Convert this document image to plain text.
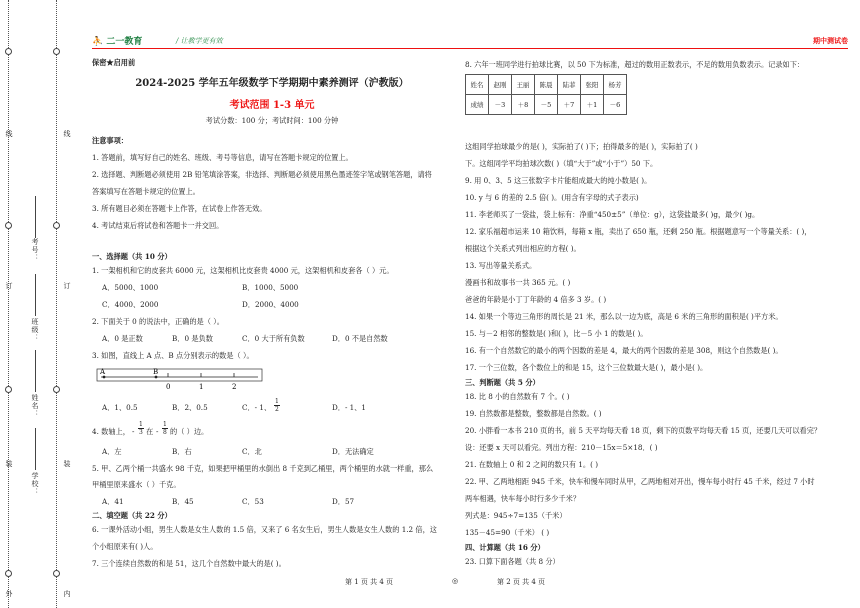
线
订
装
外
考号：
班级：
姓名：
学校：
线
订
装
内
⛹ 二一教育	/ 让教学更有效	期中测试卷
保密★启用前
2024-2025 学年五年级数学下学期期中素养测评（沪教版）
考试范围 1-3 单元
考试分数：100 分；考试时间：100 分钟
注意事项：
1. 答题前，填写好自己的姓名、班级、考号等信息，请写在答题卡规定的位置上。
2. 选择题、判断题必须使用 2B 铅笔填涂答案，非选择、判断题必须使用黑色墨迹签字笔或钢笔答题，请将
答案填写在答题卡规定的位置上。
3. 所有题目必须在答题卡上作答，在试卷上作答无效。
4. 考试结束后将试卷和答题卡一并交回。
一、选择题（共 10 分）
1. 一架相机和它的皮套共 6000 元，这架相机比皮套贵 4000 元，这架相机和皮套各（ ）元。
A．5000、1000	B．1000、5000
C．4000、2000	D．2000、4000
2. 下面关于 0 的说法中，正确的是（ ）。
A．0 是正数	B．0 是负数	C．0 大于所有负数	D．0 不是自然数
3. 如图，直线上 A 点、B 点分别表示的数是（ ）。
A	B
0	1	2
A．1、0.5	B．2、0.5	C．- 1、 $\frac{1}{2}$	D．- 1、1
4. 数轴上， - $\frac{1}{3}$ 在 - $\frac{1}{8}$ 的（ ）边。
A．左	B．右	C．北	D．无法确定
5. 甲、乙两个桶一共盛水 98 千克，如果把甲桶里的水倒出 8 千克到乙桶里，两个桶里的水就一样重，那么
甲桶里原来盛水（ ）千克。
A．41	B．45	C．53	D．57
二、填空题（共 22 分）
6. 一课外活动小组，男生人数是女生人数的 1.5 倍，又来了 6 名女生后，男生人数是女生人数的 1.2 倍，这
个小组原来有( )人。
7. 三个连续自然数的和是 51，这几个自然数中最大的是( )。
8. 六年一班同学进行拍球比赛，以 50 下为标准，超过的数用正数表示，不足的数用负数表示。记录如下：
姓名	赵刚	王丽	陈晨	陆菲	张阳	杨芳
成绩	－3	＋8	－5	＋7	＋1	－6
这组同学拍球最少的是( )，实际拍了( )下；拍得最多的是( )，实际拍了( )
下。这组同学平均拍球次数( )（填“大于”或“小于”）50 下。
9. 用 0、3、5 这三张数字卡片能组成最大的纯小数是( )。
10. y 与 6 的差的 2.5 倍( )。(用含有字母的式子表示)
11. 李老师买了一袋盐，袋上标有：净重“450±5”（单位：g），这袋盐最多( )g，最少( )g。
12. 家乐福超市运来 10 箱饮料，每箱 x 瓶，卖出了 650 瓶，还剩 250 瓶。根据题意写一个等量关系：( )，
根据这个关系式列出相应的方程( )。
13. 写出等量关系式。
漫画书和故事书一共 365 元。( )
爸爸的年龄是小丁丁年龄的 4 倍多 3 岁。( )
14. 如果一个等边三角形的周长是 21 米，那么以一边为底，高是 6 米的三角形的面积是( )平方米。
15. 与－2 相邻的整数是( )和( )，比－5 小 1 的数是( )。
16. 有一个自然数它的最小的两个因数的差是 4，最大的两个因数的差是 308，则这个自然数是( )。
17. 一个三位数，各个数位上的和是 15，这个三位数最大是( )，最小是( )。
三、判断题（共 5 分）
18. 比 8 小的自然数有 7 个。( )
19. 自然数都是整数，整数都是自然数。( )
20. 小胖看一本书 210 页的书，前 5 天平均每天看 18 页，剩下的页数平均每天看 15 页，还要几天可以看完？
设：还要 x 天可以看完。列出方程：210－15x＝5×18．( )
21. 在数轴上 0 和 2 之间的数只有 1。( )
22. 甲、乙两地相距 945 千米，快车和慢车同时从甲，乙两地相对开出，慢车每小时行 45 千米，经过 7 小时
两车相遇，快车每小时行多少千米？
列式是：945÷7=135（千米）
135－45=90（千米） ( )
四、计算题（共 16 分）
23. 口算下面各题（共 8 分）
第 1 页 共 4 页	◎	第 2 页 共 4 页
